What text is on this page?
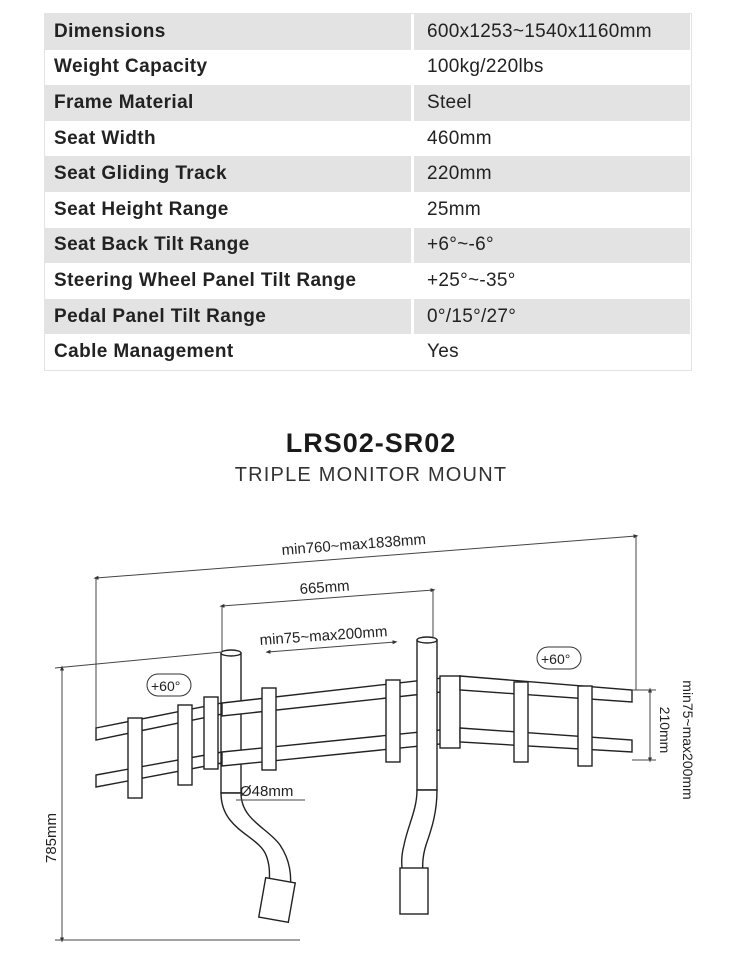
Dimensions	600x1253~1540x1160mm
Weight Capacity	100kg/220lbs
Frame Material	Steel
Seat Width	460mm
Seat Gliding Track	220mm
Seat Height Range	25mm
Seat Back Tilt Range	+6°~-6°
Steering Wheel Panel Tilt Range	+25°~-35°
Pedal Panel Tilt Range	0°/15°/27°
Cable Management	Yes
LRS02-SR02
TRIPLE MONITOR MOUNT
min760~max1838mm
665mm
min75~max200mm
+60°
+60°
Ø48mm
785mm
210mm min75~max200mm
